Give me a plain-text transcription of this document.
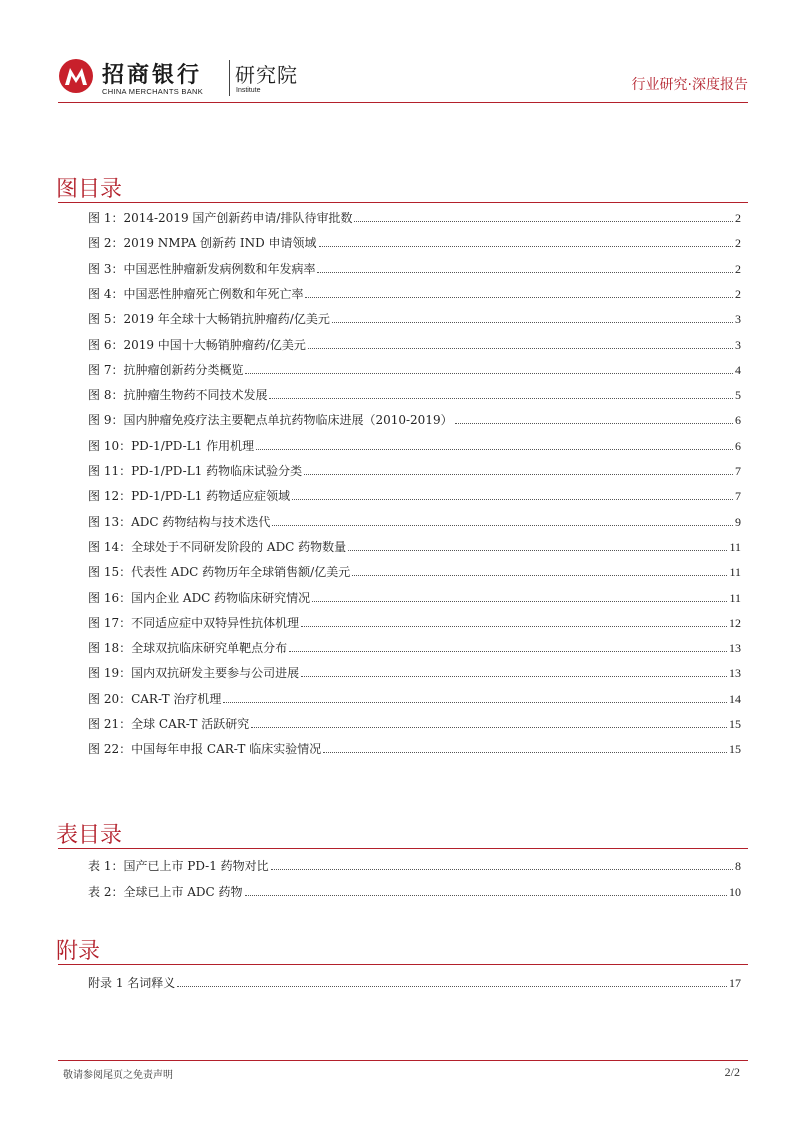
招商银行
CHINA MERCHANTS BANK
研究院
Institute	行业研究·深度报告
图目录
图 1：2014-2019 国产创新药申请/排队待审批数	2
图 2：2019 NMPA 创新药 IND 申请领域	2
图 3：中国恶性肿瘤新发病例数和年发病率	2
图 4：中国恶性肿瘤死亡例数和年死亡率	2
图 5：2019 年全球十大畅销抗肿瘤药/亿美元	3
图 6：2019 中国十大畅销肿瘤药/亿美元	3
图 7：抗肿瘤创新药分类概览	4
图 8：抗肿瘤生物药不同技术发展	5
图 9：国内肿瘤免疫疗法主要靶点单抗药物临床进展（2010-2019）	6
图 10：PD-1/PD-L1 作用机理	6
图 11：PD-1/PD-L1 药物临床试验分类	7
图 12：PD-1/PD-L1 药物适应症领域	7
图 13：ADC 药物结构与技术迭代	9
图 14：全球处于不同研发阶段的 ADC 药物数量	11
图 15：代表性 ADC 药物历年全球销售额/亿美元	11
图 16：国内企业 ADC 药物临床研究情况	11
图 17：不同适应症中双特异性抗体机理	12
图 18：全球双抗临床研究单靶点分布	13
图 19：国内双抗研发主要参与公司进展	13
图 20：CAR-T 治疗机理	14
图 21：全球 CAR-T 活跃研究	15
图 22：中国每年申报 CAR-T 临床实验情况	15
表目录
表 1：国产已上市 PD-1 药物对比	8
表 2：全球已上市 ADC 药物	10
附录
附录 1 名词释义	17
敬请参阅尾页之免责声明	2/2
